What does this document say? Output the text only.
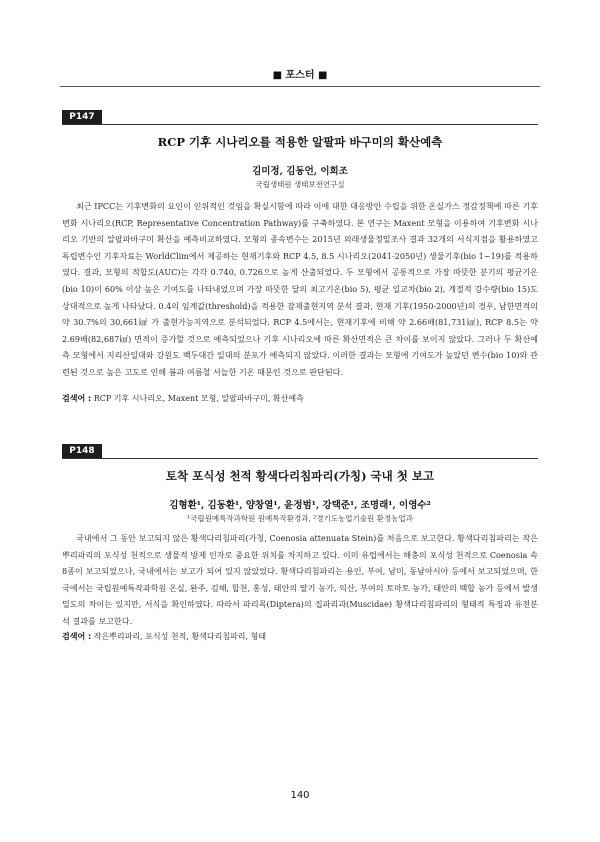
■ 포스터 ■
P147
RCP 기후 시나리오를 적용한 알팔파 바구미의 확산예측
김미정, 김동언, 이희조
국립생태원 생태보전연구실

최근 IPCC는 기후변화의 요인이 인위적인 것임을 확실시함에 따라 이에 대한 대응방안 수립을 위한 온실가스 정감정책에 따른 기후변화 시나리오(RCP, Representative Concentration Pathway)를 구축하였다. 본 연구는 Maxent 모형을 이용하여 기후변화 시나리오 기반의 알팔파바구미 확산을 예측비교하였다. 모형의 종속변수는 2015년 외래생물정밀조사 결과 32개의 서식지점을 활용하였고 독립변수인 기후자료는 WorldClim에서 제공하는 현재기후와 RCP 4.5, 8.5 시나리오(2041-2050년) 생물기후(bio 1~19)를 적용하였다. 결과, 모형의 적합도(AUC)는 각각 0.740, 0.726으로 높게 산출되었다. 두 모형에서 공통적으로 가장 따뜻한 분기의 평균기온(bio 10)이 60% 이상 높은 기여도를 나타내었으며 가장 따뜻한 달의 최고기온(bio 5), 평균 일교차(bio 2), 계절적 강수량(bio 15)도 상대적으로 높게 나타났다. 0.4의 임계값(threshold)을 적용한 잠재출현지역 분석 결과, 현재 기후(1950-2000년)의 경우, 남한면적의 약 30.7%의 30,661㎢ 가 출현가능지역으로 분석되었다. RCP 4.5에서는, 현재기후에 비해 약 2.66배(81,731㎢), RCP 8.5는 약 2.69배(82,687㎢) 면적이 증가할 것으로 예측되었으나 기후 시나리오에 따른 확산면적은 큰 차이를 보이지 않았다. 그러나 두 확산예측 모형에서 지리산일대와 강원도 백두대간 일대의 분포가 예측되지 않았다. 이러한 결과는 모형에 기여도가 높았던 변수(bio 10)와 관련된 것으로 높은 고도로 인해 봄과 여름철 서늘한 기온 때문인 것으로 판단된다.

검색어 : RCP 기후 시나리오, Maxent 모형, 알팔파바구미, 확산예측
P148
토착 포식성 천적 황색다리침파리(가칭) 국내 첫 보고
김형환¹, 김동환¹, 양창열¹, 윤정범¹, 강택준¹, 조명래¹, 이영수²
¹국립원예특작과학원 원예특작환경과, ²경기도농업기술원 환경농업과

국내에서 그 동안 보고되지 않은 황색다리침파리(가칭, Coenosia attenuata Stein)를 처음으로 보고한다. 황색다리침파리는 작은뿌리파리의 포식성 천적으로 생물적 방제 인자로 중요한 위치를 차지하고 있다. 이미 유럽에서는 해충의 포식성 천적으로 Coenosia 속 8종이 보고되었으나, 국내에서는 보고가 되어 있지 않았었다. 황색다리침파리는 용인, 부여, 남미, 동남아시아 등에서 보고되었으며, 한국에서는 국립원예특작과학원 온실, 완주, 김해, 합천, 홍성, 태안의 딸기 농가, 익산, 부여의 토마토 농가, 태안의 백합 농가 등에서 발생밀도의 차이는 있지만, 서식을 확인하였다. 따라서 파리목(Diptera)의 집파리과(Muscidae) 황색다리침파리의 형태적 특징과 유전분석 결과를 보고한다.

검색어 : 작은뿌리파리, 포식성 천적, 황색다리침파리, 형태
140
